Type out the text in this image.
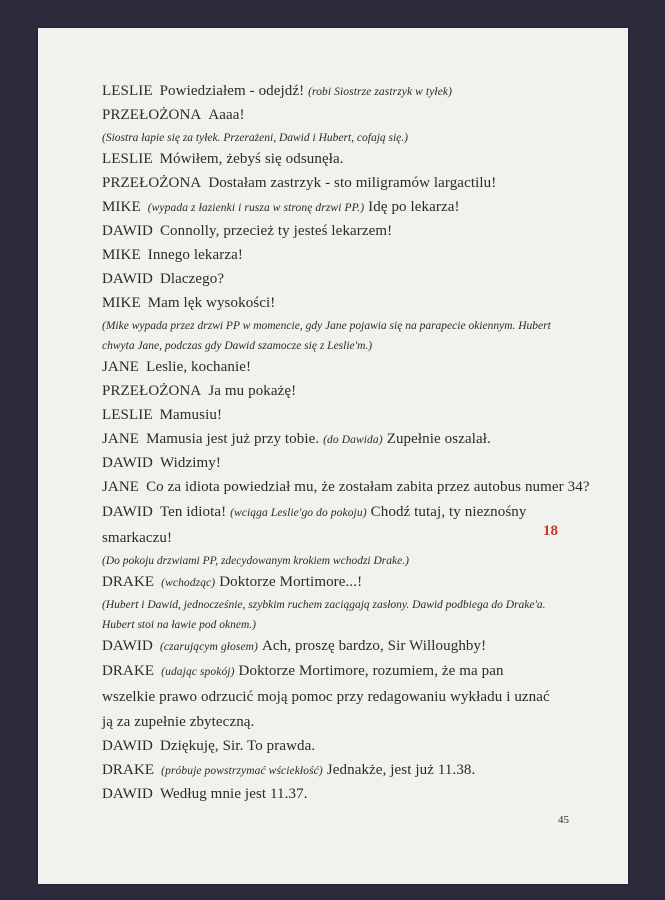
LESLIE Powiedziałem - odejdź! (robi Siostrze zastrzyk w tyłek)
PRZEŁOŻONA Aaaa!
(Siostra łapie się za tyłek. Przerażeni, Dawid i Hubert, cofają się.)
LESLIE Mówiłem, żebyś się odsunęła.
PRZEŁOŻONA Dostałam zastrzyk - sto miligramów largactilu!
MIKE (wypada z łazienki i rusza w stronę drzwi PP.) Idę po lekarza!
DAWID Connolly, przecież ty jesteś lekarzem!
MIKE Innego lekarza!
DAWID Dlaczego?
MIKE Mam lęk wysokości!
(Mike wypada przez drzwi PP w momencie, gdy Jane pojawia się na parapecie okiennym. Hubert chwyta Jane, podczas gdy Dawid szamocze się z Leslie'm.)
JANE Leslie, kochanie!
PRZEŁOŻONA Ja mu pokażę!
LESLIE Mamusiu!
JANE Mamusia jest już przy tobie. (do Dawida) Zupełnie oszalał.
DAWID Widzimy!
JANE Co za idiota powiedział mu, że zostałam zabita przez autobus numer 34?
DAWID Ten idiota! (wciąga Leslie'go do pokoju) Chodź tutaj, ty nieznośny smarkaczu!
(Do pokoju drzwiami PP, zdecydowanym krokiem wchodzi Drake.)
DRAKE (wchodząc) Doktorze Mortimore...!
(Hubert i Dawid, jednocześnie, szybkim ruchem zaciągają zasłony. Dawid podbiega do Drake'a. Hubert stoi na ławie pod oknem.)
DAWID (czarującym głosem) Ach, proszę bardzo, Sir Willoughby!
DRAKE (udając spokój) Doktorze Mortimore, rozumiem, że ma pan wszelkie prawo odrzucić moją pomoc przy redagowaniu wykładu i uznać ją za zupełnie zbyteczną.
DAWID Dziękuję, Sir. To prawda.
DRAKE (próbuje powstrzymać wściekłość) Jednakże, jest już 11.38.
DAWID Według mnie jest 11.37.
18
45
